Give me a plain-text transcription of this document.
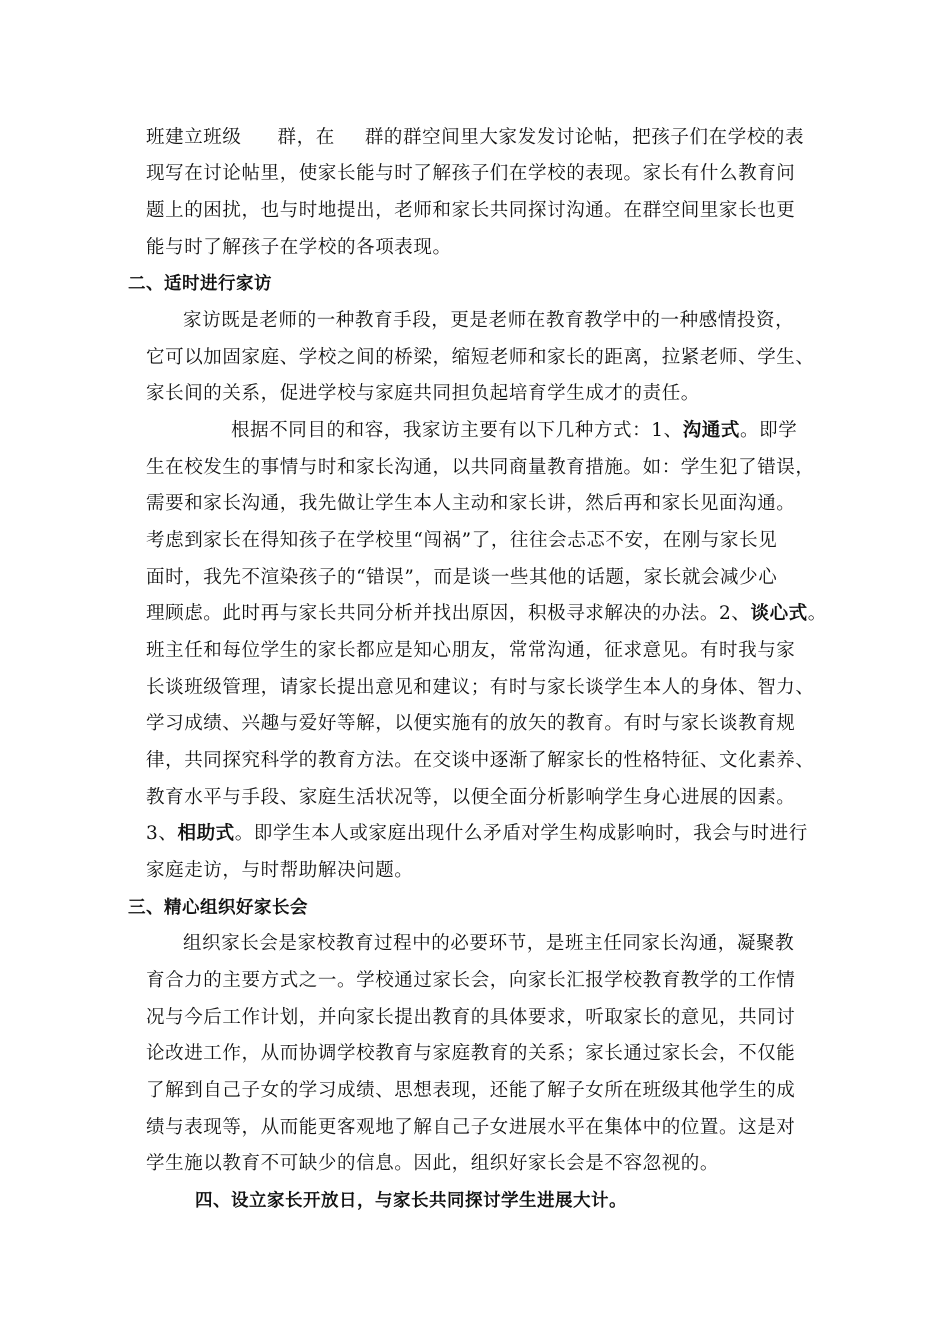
班建立班级 群，在 群的群空间里大家发发讨论帖，把孩子们在学校的表
现写在讨论帖里，使家长能与时了解孩子们在学校的表现。家长有什么教育问
题上的困扰，也与时地提出，老师和家长共同探讨沟通。在群空间里家长也更
能与时了解孩子在学校的各项表现。
二、适时进行家访
家访既是老师的一种教育手段，更是老师在教育教学中的一种感情投资，
它可以加固家庭、学校之间的桥梁，缩短老师和家长的距离，拉紧老师、学生、
家长间的关系，促进学校与家庭共同担负起培育学生成才的责任。
根据不同目的和容，我家访主要有以下几种方式：1、沟通式。即学
生在校发生的事情与时和家长沟通，以共同商量教育措施。如：学生犯了错误，
需要和家长沟通，我先做让学生本人主动和家长讲，然后再和家长见面沟通。
考虑到家长在得知孩子在学校里“闯祸”了，往往会忐忑不安，在刚与家长见
面时，我先不渲染孩子的“错误”，而是谈一些其他的话题，家长就会减少心
理顾虑。此时再与家长共同分析并找出原因，积极寻求解决的办法。2、谈心式。
班主任和每位学生的家长都应是知心朋友，常常沟通，征求意见。有时我与家
长谈班级管理，请家长提出意见和建议；有时与家长谈学生本人的身体、智力、
学习成绩、兴趣与爱好等解，以便实施有的放矢的教育。有时与家长谈教育规
律，共同探究科学的教育方法。在交谈中逐渐了解家长的性格特征、文化素养、
教育水平与手段、家庭生活状况等，以便全面分析影响学生身心进展的因素。
3、相助式。即学生本人或家庭出现什么矛盾对学生构成影响时，我会与时进行
家庭走访，与时帮助解决问题。
三、精心组织好家长会
组织家长会是家校教育过程中的必要环节，是班主任同家长沟通，凝聚教
育合力的主要方式之一。学校通过家长会，向家长汇报学校教育教学的工作情
况与今后工作计划，并向家长提出教育的具体要求，听取家长的意见，共同讨
论改进工作，从而协调学校教育与家庭教育的关系；家长通过家长会，不仅能
了解到自己子女的学习成绩、思想表现，还能了解子女所在班级其他学生的成
绩与表现等，从而能更客观地了解自己子女进展水平在集体中的位置。这是对
学生施以教育不可缺少的信息。因此，组织好家长会是不容忽视的。
四、设立家长开放日，与家长共同探讨学生进展大计。
